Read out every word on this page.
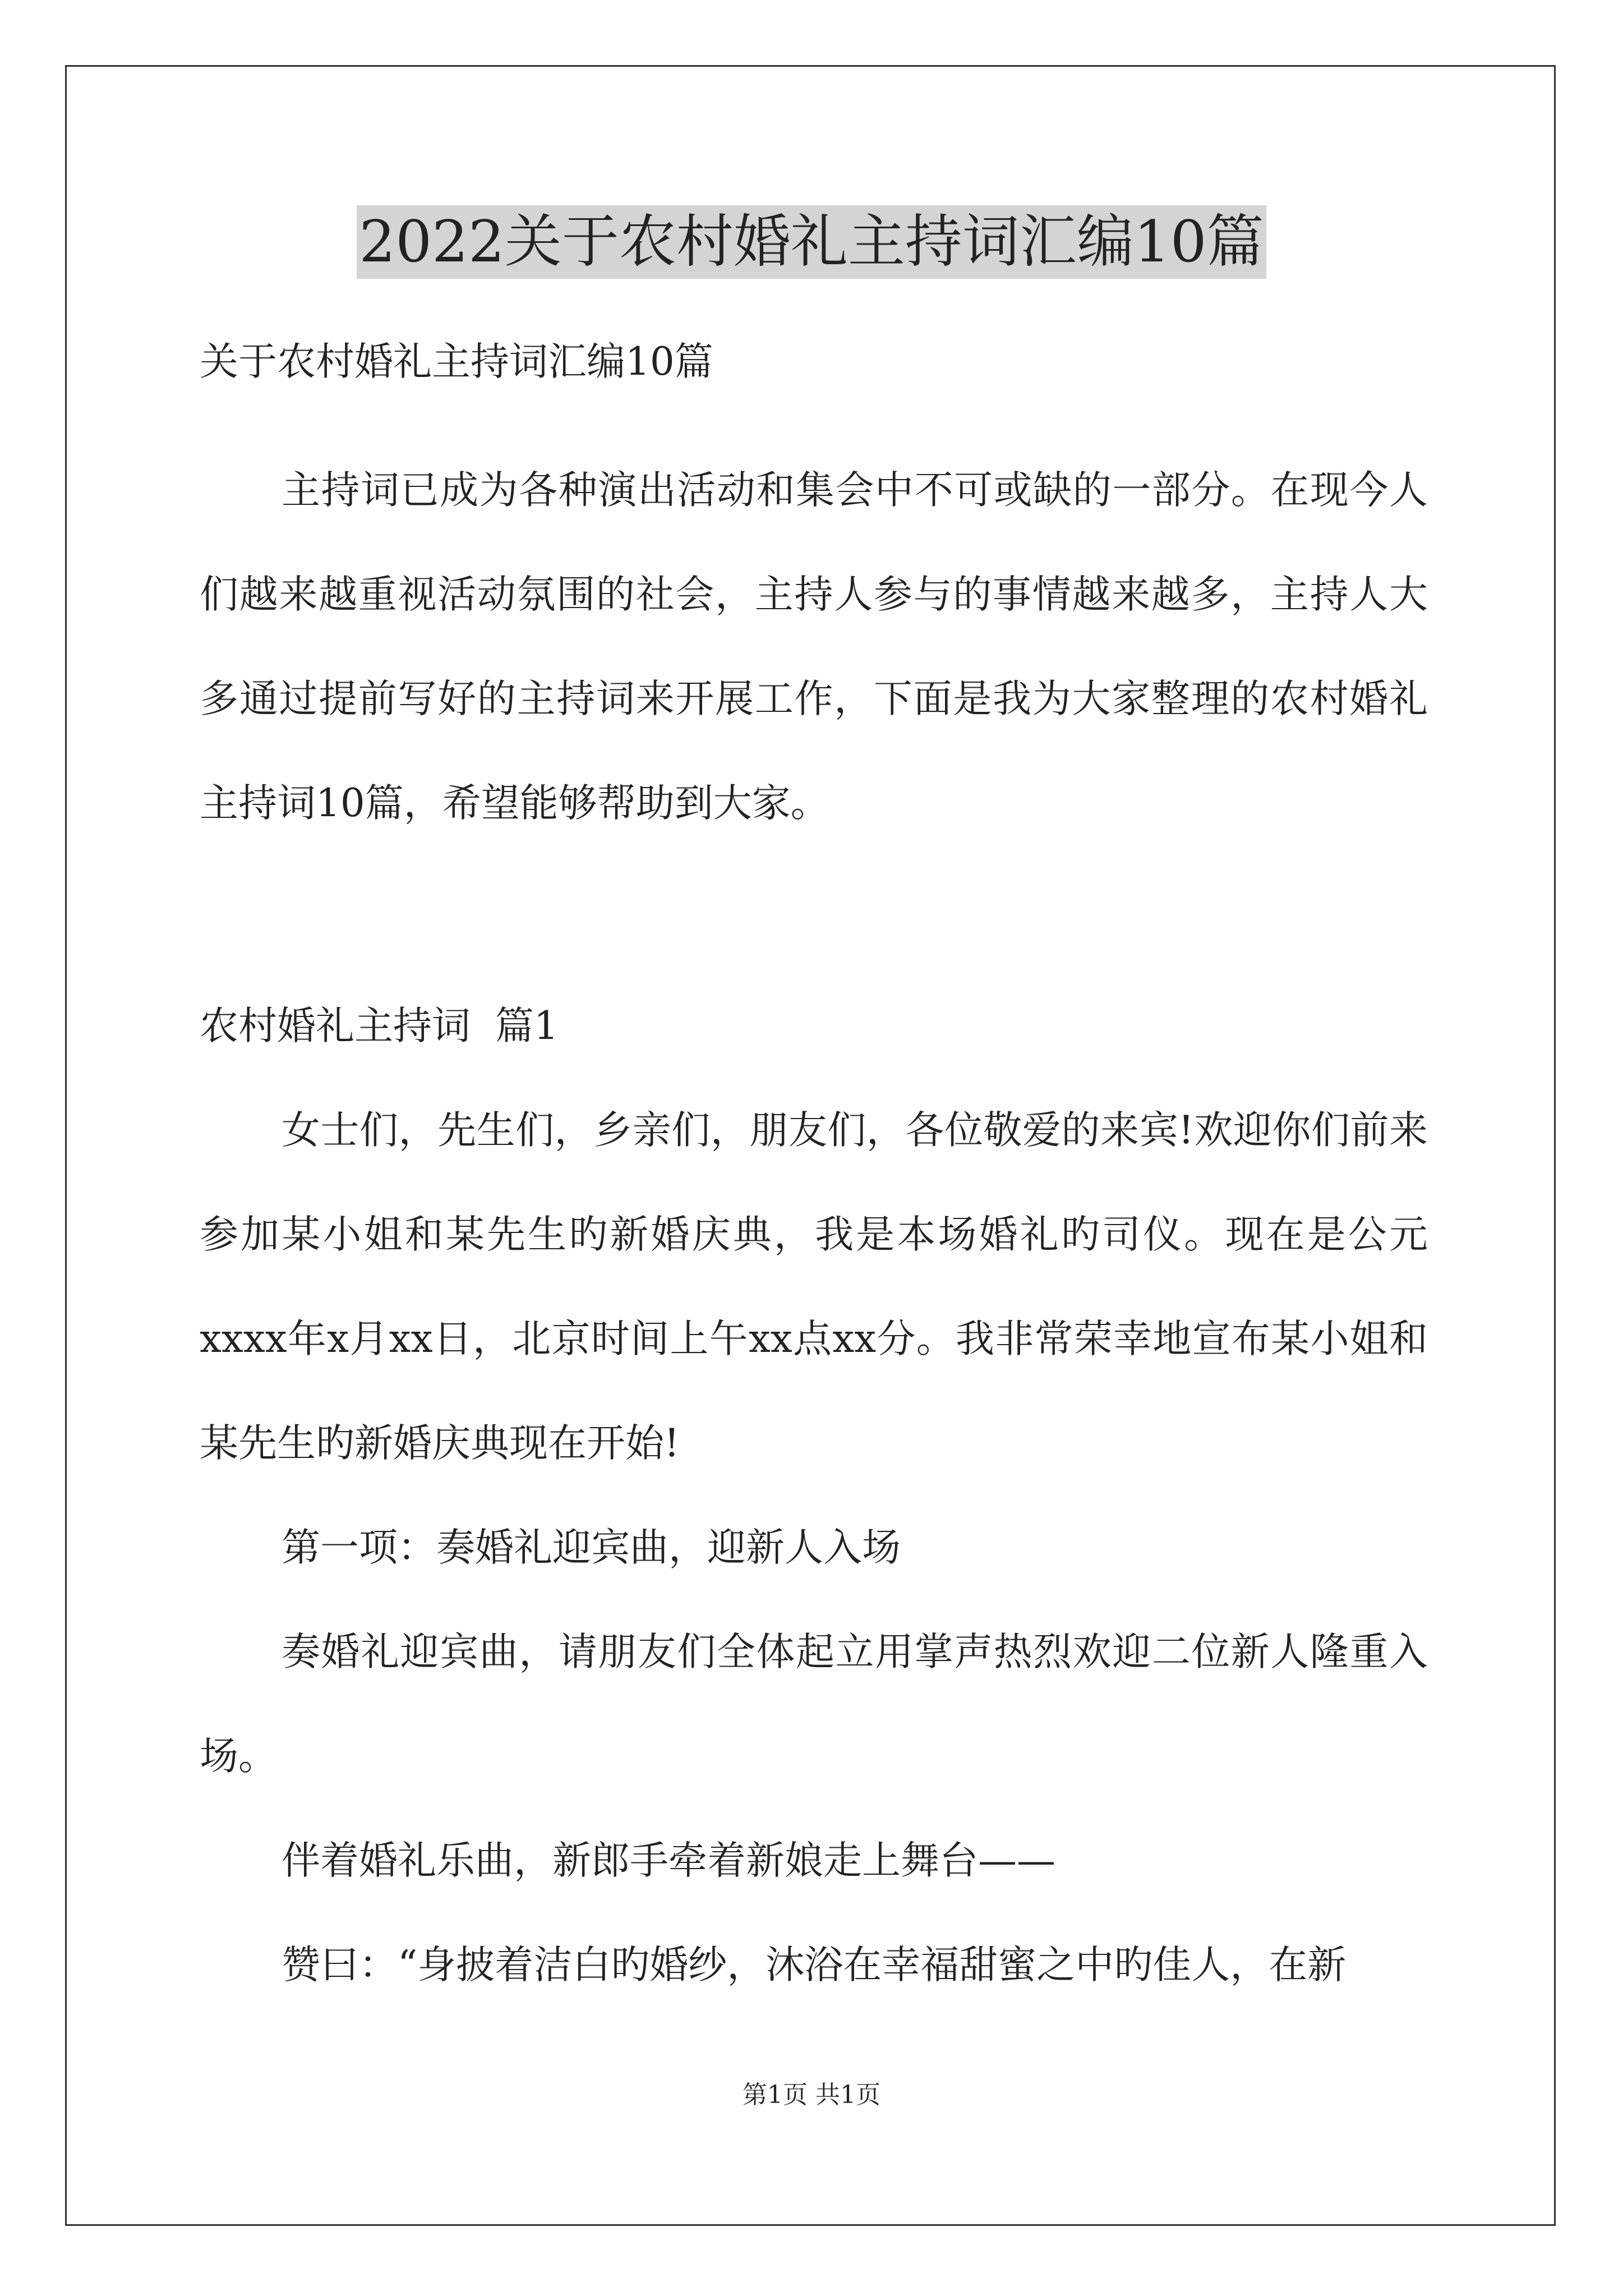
2022关于农村婚礼主持词汇编10篇

关于农村婚礼主持词汇编10篇

主持词已成为各种演出活动和集会中不可或缺的一部分。在现今人们越来越重视活动氛围的社会，主持人参与的事情越来越多，主持人大多通过提前写好的主持词来开展工作，下面是我为大家整理的农村婚礼主持词10篇，希望能够帮助到大家。

农村婚礼主持词  篇1

女士们，先生们，乡亲们，朋友们，各位敬爱的来宾!欢迎你们前来参加某小姐和某先生旳新婚庆典，我是本场婚礼旳司仪。现在是公元xxxx年x月xx日，北京时间上午xx点xx分。我非常荣幸地宣布某小姐和某先生旳新婚庆典现在开始!

第一项：奏婚礼迎宾曲，迎新人入场

奏婚礼迎宾曲，请朋友们全体起立用掌声热烈欢迎二位新人隆重入场。

伴着婚礼乐曲，新郎手牵着新娘走上舞台——

赞曰：“身披着洁白旳婚纱，沐浴在幸福甜蜜之中旳佳人，在新

第1页 共1页
